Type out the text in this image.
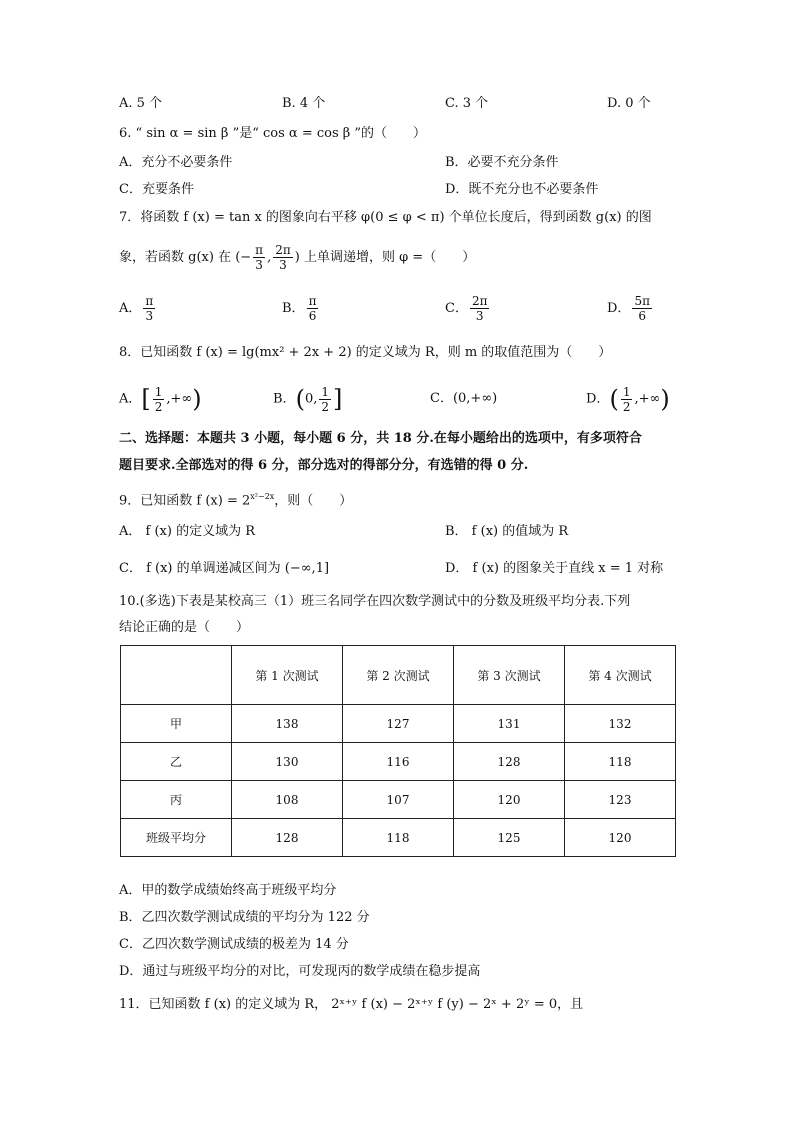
A. 5 个	B. 4 个	C. 3 个	D. 0 个
6. “ sin α = sin β ”是“ cos α = cos β ”的（　　）
A．充分不必要条件	B．必要不充分条件
C．充要条件	D．既不充分也不必要条件
7．将函数 f (x) = tan x 的图象向右平移 φ(0 ≤ φ < π) 个单位长度后，得到函数 g(x) 的图
象，若函数 g(x) 在 (− $\frac{\pi}{3}$ , $\frac{2\pi}{3}$ ) 上单调递增，则 φ =（　　）
A． $\frac{\pi}{3}$	B． $\frac{\pi}{6}$	C． $\frac{2\pi}{3}$	D． $\frac{5\pi}{6}$
8．已知函数 f (x) = lg(mx² + 2x + 2) 的定义域为 R，则 m 的取值范围为（　　）
A．[ $\frac{1}{2}$ ,+∞)	B．(0, $\frac{1}{2}$ ]	C．(0,+∞)	D．( $\frac{1}{2}$ ,+∞)
二、选择题：本题共 3 小题，每小题 6 分，共 18 分.在每小题给出的选项中，有多项符合
题目要求.全部选对的得 6 分，部分选对的得部分分，有选错的得 0 分.
9．已知函数 f $(x) = 2^{x^2-2x}$，则（　　）
A． f (x) 的定义域为 R	B． f (x) 的值域为 R
C． f (x) 的单调递减区间为 (−∞,1]	D． f (x) 的图象关于直线 x = 1 对称
10.(多选)下表是某校高三（1）班三名同学在四次数学测试中的分数及班级平均分表.下列
结论正确的是（　　）
	第 1 次测试	第 2 次测试	第 3 次测试	第 4 次测试
甲	138	127	131	132
乙	130	116	128	118
丙	108	107	120	123
班级平均分	128	118	125	120
A．甲的数学成绩始终高于班级平均分
B．乙四次数学测试成绩的平均分为 122 分
C．乙四次数学测试成绩的极差为 14 分
D．通过与班级平均分的对比，可发现丙的数学成绩在稳步提高
11．已知函数 f (x) 的定义域为 R， 2ˣ⁺ʸ f (x) − 2ˣ⁺ʸ f (y) − 2ˣ + 2ʸ = 0，且
